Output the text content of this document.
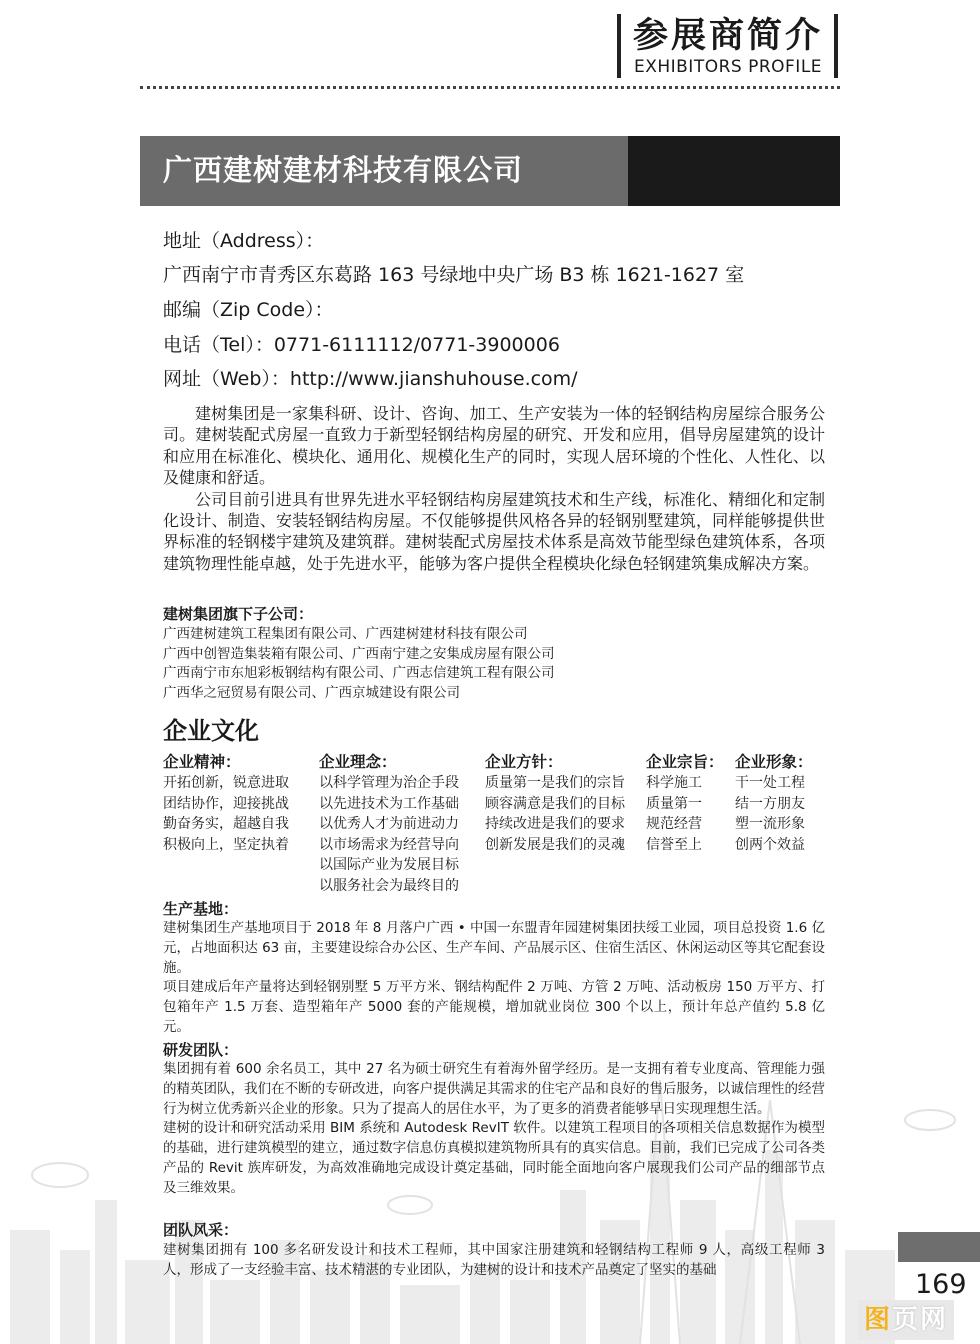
参展商简介
EXHIBITORS PROFILE
广西建树建材科技有限公司
地址（Address）：
广西南宁市青秀区东葛路 163 号绿地中央广场 B3 栋 1621-1627 室
邮编（Zip Code）：
电话（Tel）：0771-6111112/0771-3900006
网址（Web）：http://www.jianshuhouse.com/

建树集团是一家集科研、设计、咨询、加工、生产安装为一体的轻钢结构房屋综合服务公司。建树装配式房屋一直致力于新型轻钢结构房屋的研究、开发和应用，倡导房屋建筑的设计和应用在标准化、模块化、通用化、规模化生产的同时，实现人居环境的个性化、人性化、以及健康和舒适。

公司目前引进具有世界先进水平轻钢结构房屋建筑技术和生产线，标准化、精细化和定制化设计、制造、安装轻钢结构房屋。不仅能够提供风格各异的轻钢别墅建筑，同样能够提供世界标准的轻钢楼宇建筑及建筑群。建树装配式房屋技术体系是高效节能型绿色建筑体系，各项建筑物理性能卓越，处于先进水平，能够为客户提供全程模块化绿色轻钢建筑集成解决方案。

建树集团旗下子公司：
广西建树建筑工程集团有限公司、广西建树建材科技有限公司
广西中创智造集装箱有限公司、广西南宁建之安集成房屋有限公司
广西南宁市东旭彩板钢结构有限公司、广西志信建筑工程有限公司
广西华之冠贸易有限公司、广西京城建设有限公司
企业文化
企业精神：
开拓创新，锐意进取
团结协作，迎接挑战
勤奋务实，超越自我
积极向上，坚定执着
企业理念：
以科学管理为治企手段
以先进技术为工作基础
以优秀人才为前进动力
以市场需求为经营导向
以国际产业为发展目标
以服务社会为最终目的
企业方针：
质量第一是我们的宗旨
顾容满意是我们的目标
持续改进是我们的要求
创新发展是我们的灵魂
企业宗旨：
科学施工
质量第一
规范经营
信誉至上
企业形象：
干一处工程
结一方朋友
塑一流形象
创两个效益
生产基地：

建树集团生产基地项目于 2018 年 8 月落户广西 • 中国一东盟青年园建树集团扶绥工业园，项目总投资 1.6 亿元，占地面积达 63 亩，主要建设综合办公区、生产车间、产品展示区、住宿生活区、休闲运动区等其它配套设施。

项目建成后年产量将达到轻钢别墅 5 万平方米、钢结构配件 2 万吨、方管 2 万吨、活动板房 150 万平方、打包箱年产 1.5 万套、造型箱年产 5000 套的产能规模，增加就业岗位 300 个以上，预计年总产值约 5.8 亿元。

研发团队：

集团拥有着 600 余名员工，其中 27 名为硕士研究生有着海外留学经历。是一支拥有着专业度高、管理能力强的精英团队，我们在不断的专研改进，向客户提供满足其需求的住宅产品和良好的售后服务，以诚信理性的经营行为树立优秀新兴企业的形象。只为了提高人的居住水平，为了更多的消费者能够早日实现理想生活。

建树的设计和研究活动采用 BIM 系统和 Autodesk RevIT 软件。以建筑工程项目的各项相关信息数据作为模型的基础，进行建筑模型的建立，通过数字信息仿真模拟建筑物所具有的真实信息。目前，我们已完成了公司各类产品的 Revit 族库研发，为高效准确地完成设计奠定基础，同时能全面地向客户展现我们公司产品的细部节点及三维效果。

团队风采：

建树集团拥有 100 多名研发设计和技术工程师，其中国家注册建筑和轻钢结构工程师 9 人，高级工程师 3 人，形成了一支经验丰富、技术精湛的专业团队，为建树的设计和技术产品奠定了坚实的基础	169
图页网
